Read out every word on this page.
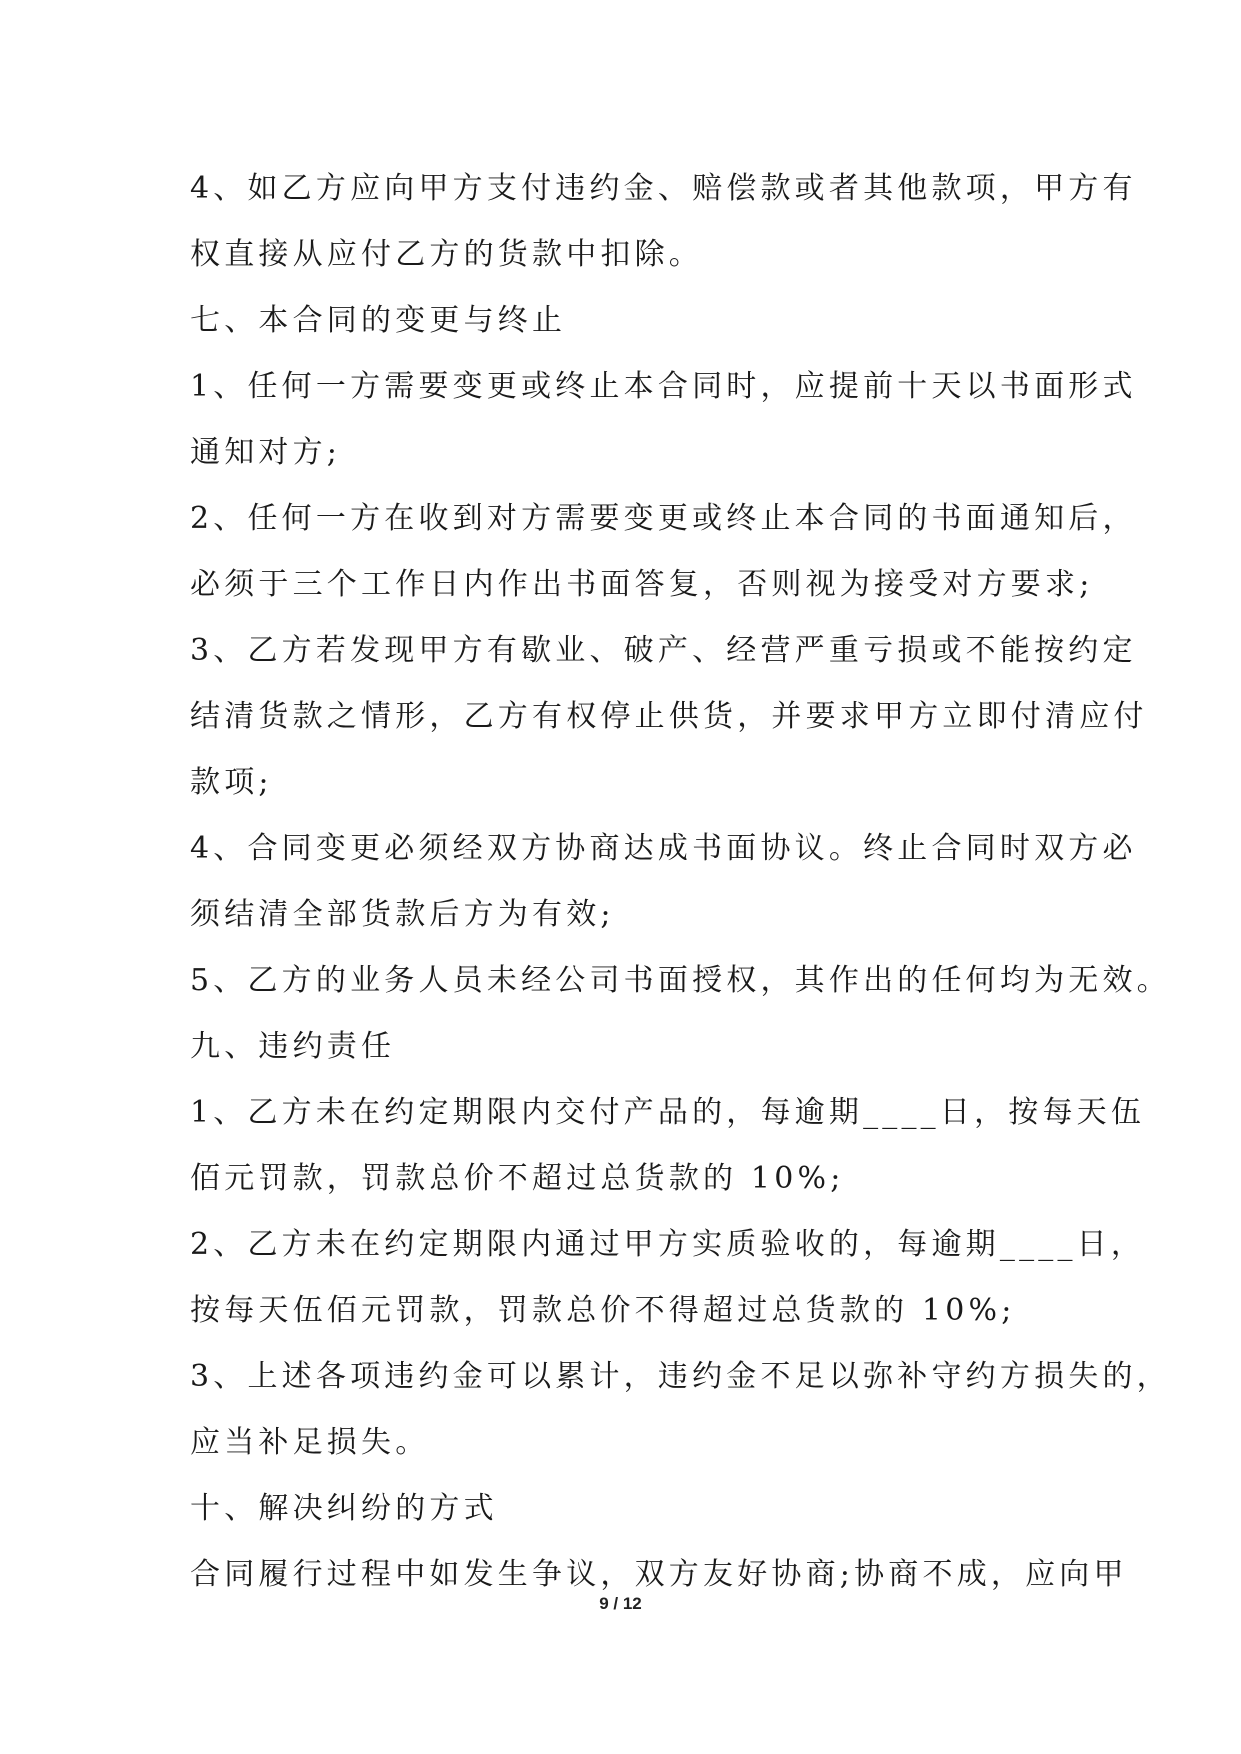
4、如乙方应向甲方支付违约金、赔偿款或者其他款项，甲方有
权直接从应付乙方的货款中扣除。
七、本合同的变更与终止
1、任何一方需要变更或终止本合同时，应提前十天以书面形式
通知对方;
2、任何一方在收到对方需要变更或终止本合同的书面通知后，
必须于三个工作日内作出书面答复，否则视为接受对方要求;
3、乙方若发现甲方有歇业、破产、经营严重亏损或不能按约定
结清货款之情形，乙方有权停止供货，并要求甲方立即付清应付
款项;
4、合同变更必须经双方协商达成书面协议。终止合同时双方必
须结清全部货款后方为有效;
5、乙方的业务人员未经公司书面授权，其作出的任何均为无效。
九、违约责任
1、乙方未在约定期限内交付产品的，每逾期____日，按每天伍
佰元罚款，罚款总价不超过总货款的 10%;
2、乙方未在约定期限内通过甲方实质验收的，每逾期____日，
按每天伍佰元罚款，罚款总价不得超过总货款的 10%;
3、上述各项违约金可以累计，违约金不足以弥补守约方损失的，
应当补足损失。
十、解决纠纷的方式
合同履行过程中如发生争议，双方友好协商;协商不成，应向甲
9 / 12
